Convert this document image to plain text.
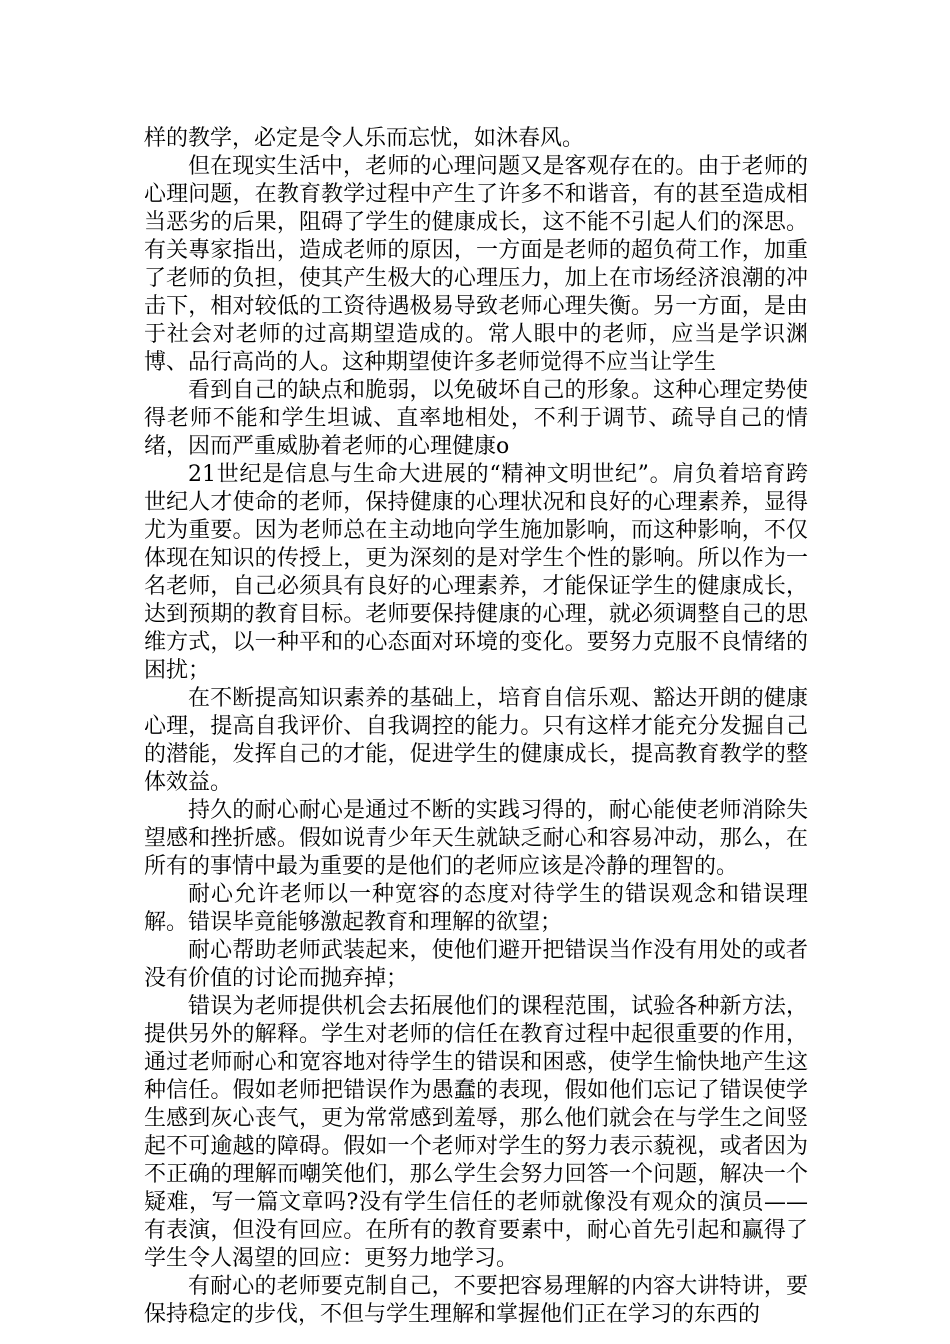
样的教学，必定是令人乐而忘忧，如沐春风。

但在现实生活中，老师的心理问题又是客观存在的。由于老师的心理问题，在教育教学过程中产生了许多不和谐音，有的甚至造成相当恶劣的后果，阻碍了学生的健康成长，这不能不引起人们的深思。有关專家指出，造成老师的原因，一方面是老师的超负荷工作，加重了老师的负担，使其产生极大的心理压力，加上在市场经济浪潮的冲击下，相对较低的工资待遇极易导致老师心理失衡。另一方面，是由于社会对老师的过高期望造成的。常人眼中的老师，应当是学识渊博、品行高尚的人。这种期望使许多老师觉得不应当让学生

看到自己的缺点和脆弱，以免破坏自己的形象。这种心理定势使得老师不能和学生坦诚、直率地相处，不利于调节、疏导自己的情绪，因而严重威胁着老师的心理健康o

21世纪是信息与生命大进展的“精神文明世纪”。肩负着培育跨世纪人才使命的老师，保持健康的心理状况和良好的心理素养，显得尤为重要。因为老师总在主动地向学生施加影响，而这种影响，不仅体现在知识的传授上，更为深刻的是对学生个性的影响。所以作为一名老师，自己必须具有良好的心理素养，才能保证学生的健康成长，达到预期的教育目标。老师要保持健康的心理，就必须调整自己的思维方式，以一种平和的心态面对环境的变化。要努力克服不良情绪的困扰；

在不断提高知识素养的基础上，培育自信乐观、豁达开朗的健康心理，提高自我评价、自我调控的能力。只有这样才能充分发掘自己的潜能，发挥自己的才能，促进学生的健康成长，提高教育教学的整体效益。

持久的耐心耐心是通过不断的实践习得的，耐心能使老师消除失望感和挫折感。假如说青少年天生就缺乏耐心和容易冲动，那么，在所有的事情中最为重要的是他们的老师应该是冷静的理智的。

耐心允许老师以一种宽容的态度对待学生的错误观念和错误理解。错误毕竟能够激起教育和理解的欲望；

耐心帮助老师武装起来，使他们避开把错误当作没有用处的或者没有价值的讨论而抛弃掉；

错误为老师提供机会去拓展他们的课程范围，试验各种新方法，提供另外的解释。学生对老师的信任在教育过程中起很重要的作用，通过老师耐心和宽容地对待学生的错误和困惑，使学生愉快地产生这种信任。假如老师把错误作为愚蠢的表现，假如他们忘记了错误使学生感到灰心丧气，更为常常感到羞辱，那么他们就会在与学生之间竖起不可逾越的障碍。假如一个老师对学生的努力表示藐视，或者因为不正确的理解而嘲笑他们，那么学生会努力回答一个问题，解决一个疑难，写一篇文章吗?没有学生信任的老师就像没有观众的演员——有表演，但没有回应。在所有的教育要素中，耐心首先引起和赢得了学生令人渴望的回应：更努力地学习。

有耐心的老师要克制自己，不要把容易理解的内容大讲特讲，要保持稳定的步伐，不但与学生理解和掌握他们正在学习的东西的
